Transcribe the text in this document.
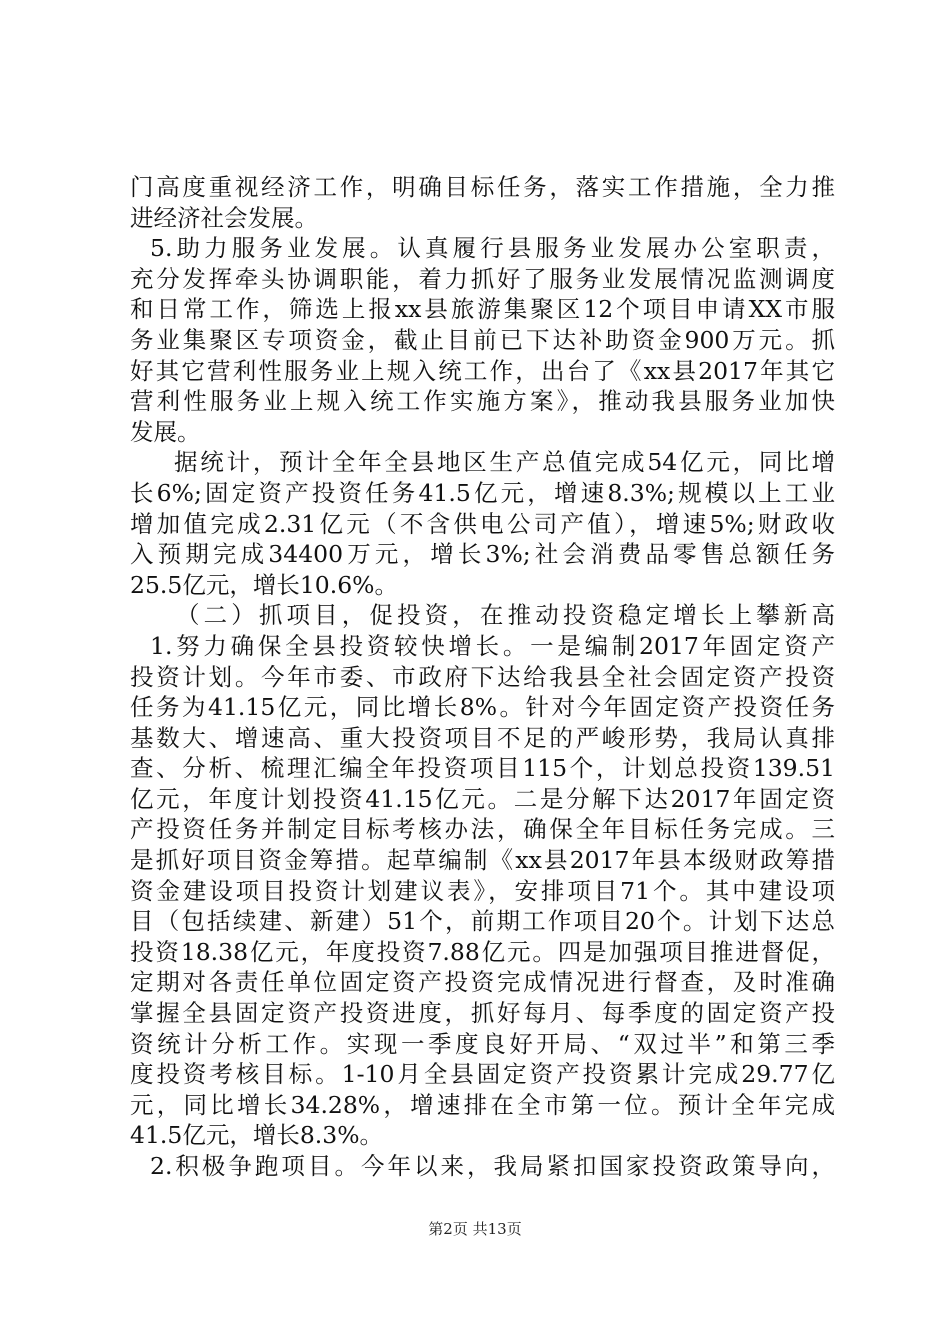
门高度重视经济工作，明确目标任务，落实工作措施，全力推
进经济社会发展。
5.助力服务业发展。认真履行县服务业发展办公室职责，
充分发挥牵头协调职能，着力抓好了服务业发展情况监测调度
和日常工作，筛选上报xx县旅游集聚区12个项目申请XX市服
务业集聚区专项资金，截止目前已下达补助资金900万元。抓
好其它营利性服务业上规入统工作，出台了《xx县2017年其它
营利性服务业上规入统工作实施方案》，推动我县服务业加快
发展。
据统计，预计全年全县地区生产总值完成54亿元，同比增
长6%;固定资产投资任务41.5亿元，增速8.3%;规模以上工业
增加值完成2.31亿元（不含供电公司产值），增速5%;财政收
入预期完成34400万元，增长3%;社会消费品零售总额任务
25.5亿元，增长10.6%。
（二）抓项目，促投资，在推动投资稳定增长上攀新高
1.努力确保全县投资较快增长。一是编制2017年固定资产
投资计划。今年市委、市政府下达给我县全社会固定资产投资
任务为41.15亿元，同比增长8%。针对今年固定资产投资任务
基数大、增速高、重大投资项目不足的严峻形势，我局认真排
查、分析、梳理汇编全年投资项目115个，计划总投资139.51
亿元，年度计划投资41.15亿元。二是分解下达2017年固定资
产投资任务并制定目标考核办法，确保全年目标任务完成。三
是抓好项目资金筹措。起草编制《xx县2017年县本级财政筹措
资金建设项目投资计划建议表》，安排项目71个。其中建设项
目（包括续建、新建）51个，前期工作项目20个。计划下达总
投资18.38亿元，年度投资7.88亿元。四是加强项目推进督促，
定期对各责任单位固定资产投资完成情况进行督查，及时准确
掌握全县固定资产投资进度，抓好每月、每季度的固定资产投
资统计分析工作。实现一季度良好开局、“双过半”和第三季
度投资考核目标。1-10月全县固定资产投资累计完成29.77亿
元，同比增长34.28%，增速排在全市第一位。预计全年完成
41.5亿元，增长8.3%。
2.积极争跑项目。今年以来，我局紧扣国家投资政策导向，
第2页 共13页
